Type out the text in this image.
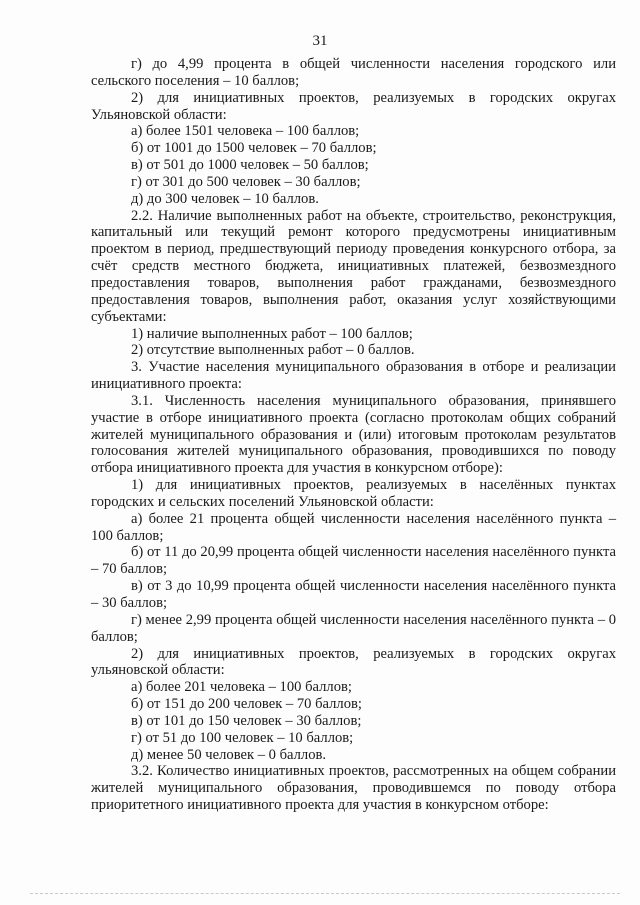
31

г) до 4,99 процента в общей численности населения городского или сельского поселения – 10 баллов;

2) для инициативных проектов, реализуемых в городских округах Ульяновской области:

а) более 1501 человека – 100 баллов;

б) от 1001 до 1500 человек – 70 баллов;

в) от 501 до 1000 человек – 50 баллов;

г) от 301 до 500 человек – 30 баллов;

д) до 300 человек – 10 баллов.

2.2. Наличие выполненных работ на объекте, строительство, реконструкция, капитальный или текущий ремонт которого предусмотрены инициативным проектом в период, предшествующий периоду проведения конкурсного отбора, за счёт средств местного бюджета, инициативных платежей, безвозмездного предоставления товаров, выполнения работ гражданами, безвозмездного предоставления товаров, выполнения работ, оказания услуг хозяйствующими субъектами:

1) наличие выполненных работ – 100 баллов;

2) отсутствие выполненных работ – 0 баллов.

3. Участие населения муниципального образования в отборе и реализации инициативного проекта:

3.1. Численность населения муниципального образования, принявшего участие в отборе инициативного проекта (согласно протоколам общих собраний жителей муниципального образования и (или) итоговым протоколам результатов голосования жителей муниципального образования, проводившихся по поводу отбора инициативного проекта для участия в конкурсном отборе):

1) для инициативных проектов, реализуемых в населённых пунктах городских и сельских поселений Ульяновской области:

а) более 21 процента общей численности населения населённого пункта – 100 баллов;

б) от 11 до 20,99 процента общей численности населения населённого пункта – 70 баллов;

в) от 3 до 10,99 процента общей численности населения населённого пункта – 30 баллов;

г) менее 2,99 процента общей численности населения населённого пункта – 0 баллов;

2) для инициативных проектов, реализуемых в городских округах ульяновской области:

а) более 201 человека – 100 баллов;

б) от 151 до 200 человек – 70 баллов;

в) от 101 до 150 человек – 30 баллов;

г) от 51 до 100 человек – 10 баллов;

д) менее 50 человек – 0 баллов.

3.2. Количество инициативных проектов, рассмотренных на общем собрании жителей муниципального образования, проводившемся по поводу отбора приоритетного инициативного проекта для участия в конкурсном отборе:
